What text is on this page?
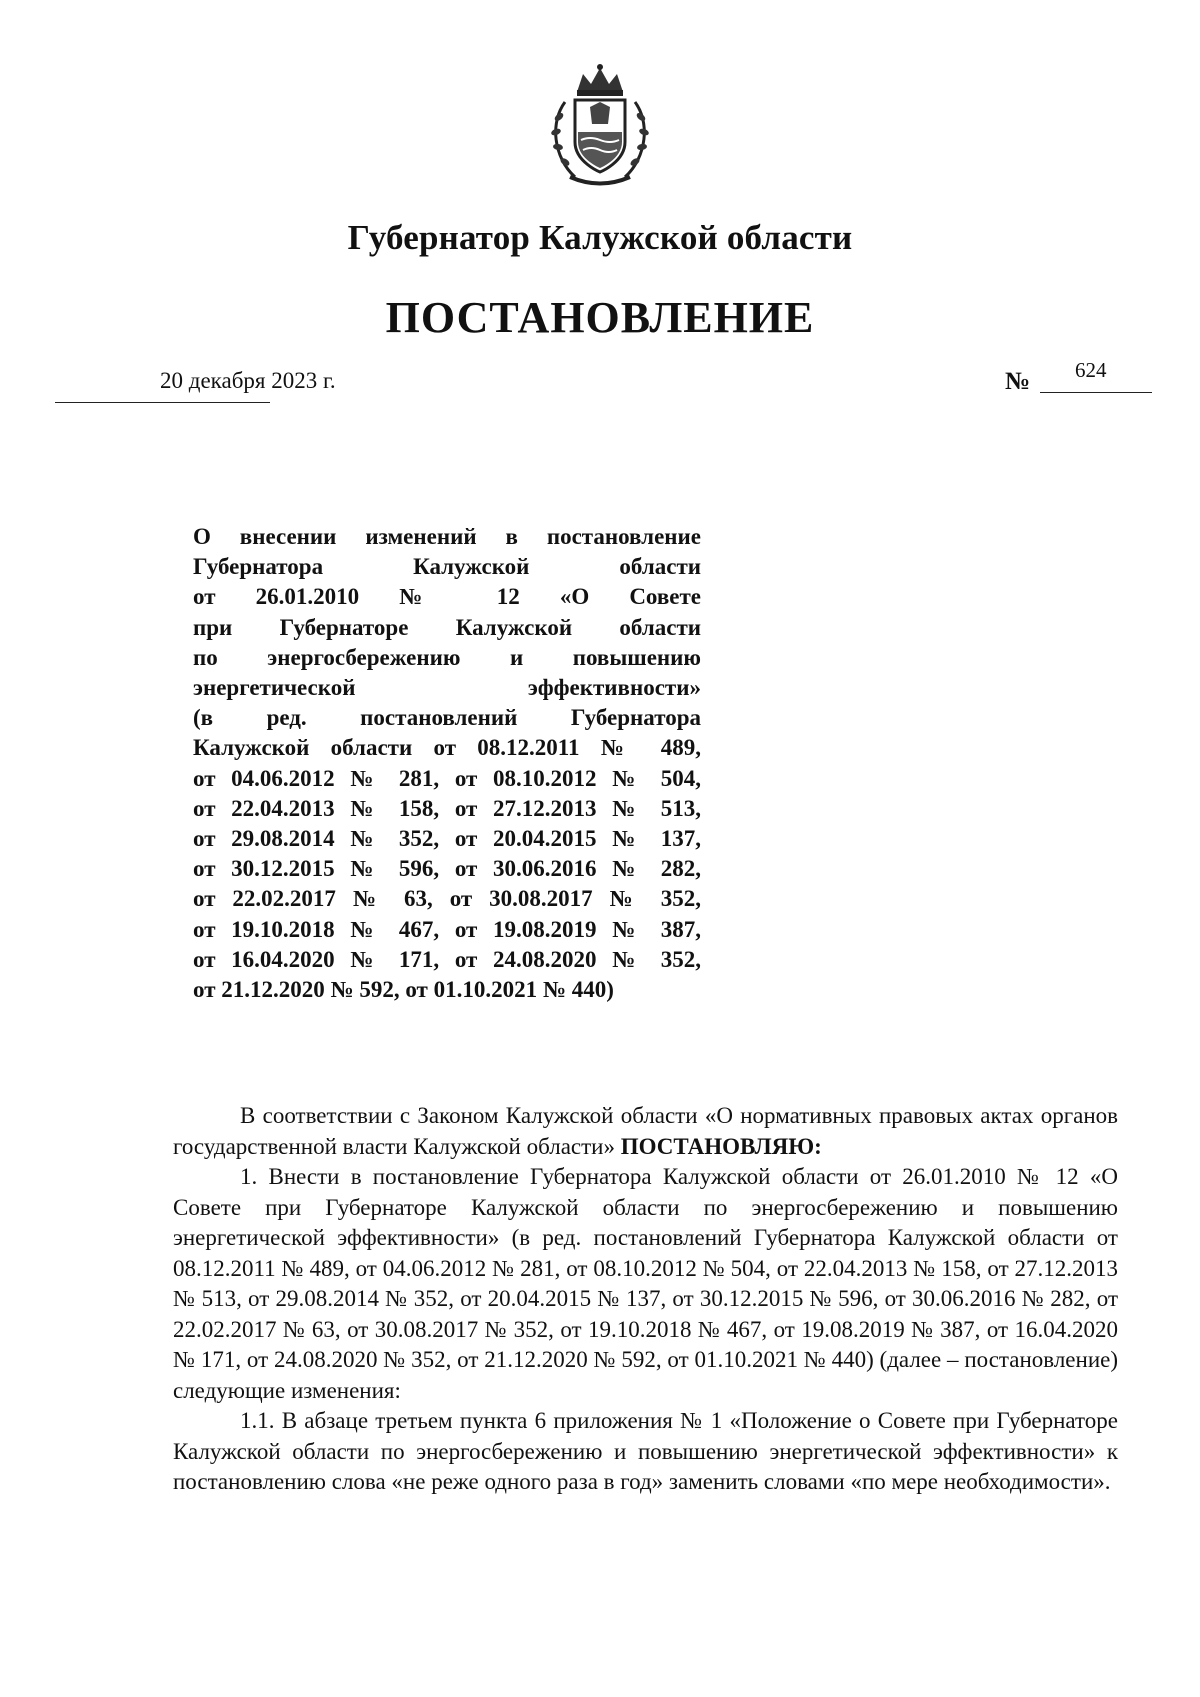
Губернатор Калужской области
ПОСТАНОВЛЕНИЕ
20 декабря 2023 г.	№ 624
О внесении изменений в постановление
Губернатора Калужской области
от 26.01.2010 № 12 «О Совете
при Губернаторе Калужской области
по энергосбережению и повышению
энергетической эффективности»
(в ред. постановлений Губернатора
Калужской области от 08.12.2011 № 489,
от 04.06.2012 № 281, от 08.10.2012 № 504,
от 22.04.2013 № 158, от 27.12.2013 № 513,
от 29.08.2014 № 352, от 20.04.2015 № 137,
от 30.12.2015 № 596, от 30.06.2016 № 282,
от 22.02.2017 № 63, от 30.08.2017 № 352,
от 19.10.2018 № 467, от 19.08.2019 № 387,
от 16.04.2020 № 171, от 24.08.2020 № 352,
от 21.12.2020 № 592, от 01.10.2021 № 440)

В соответствии с Законом Калужской области «О нормативных правовых актах органов государственной власти Калужской области» ПОСТАНОВЛЯЮ:

1. Внести в постановление Губернатора Калужской области от 26.01.2010 № 12 «О Совете при Губернаторе Калужской области по энергосбережению и повышению энергетической эффективности» (в ред. постановлений Губернатора Калужской области от 08.12.2011 № 489, от 04.06.2012 № 281, от 08.10.2012 № 504, от 22.04.2013 № 158, от 27.12.2013 № 513, от 29.08.2014 № 352, от 20.04.2015 № 137, от 30.12.2015 № 596, от 30.06.2016 № 282, от 22.02.2017 № 63, от 30.08.2017 № 352, от 19.10.2018 № 467, от 19.08.2019 № 387, от 16.04.2020 № 171, от 24.08.2020 № 352, от 21.12.2020 № 592, от 01.10.2021 № 440) (далее – постановление) следующие изменения:

1.1. В абзаце третьем пункта 6 приложения № 1 «Положение о Совете при Губернаторе Калужской области по энергосбережению и повышению энергетической эффективности» к постановлению слова «не реже одного раза в год» заменить словами «по мере необходимости».
